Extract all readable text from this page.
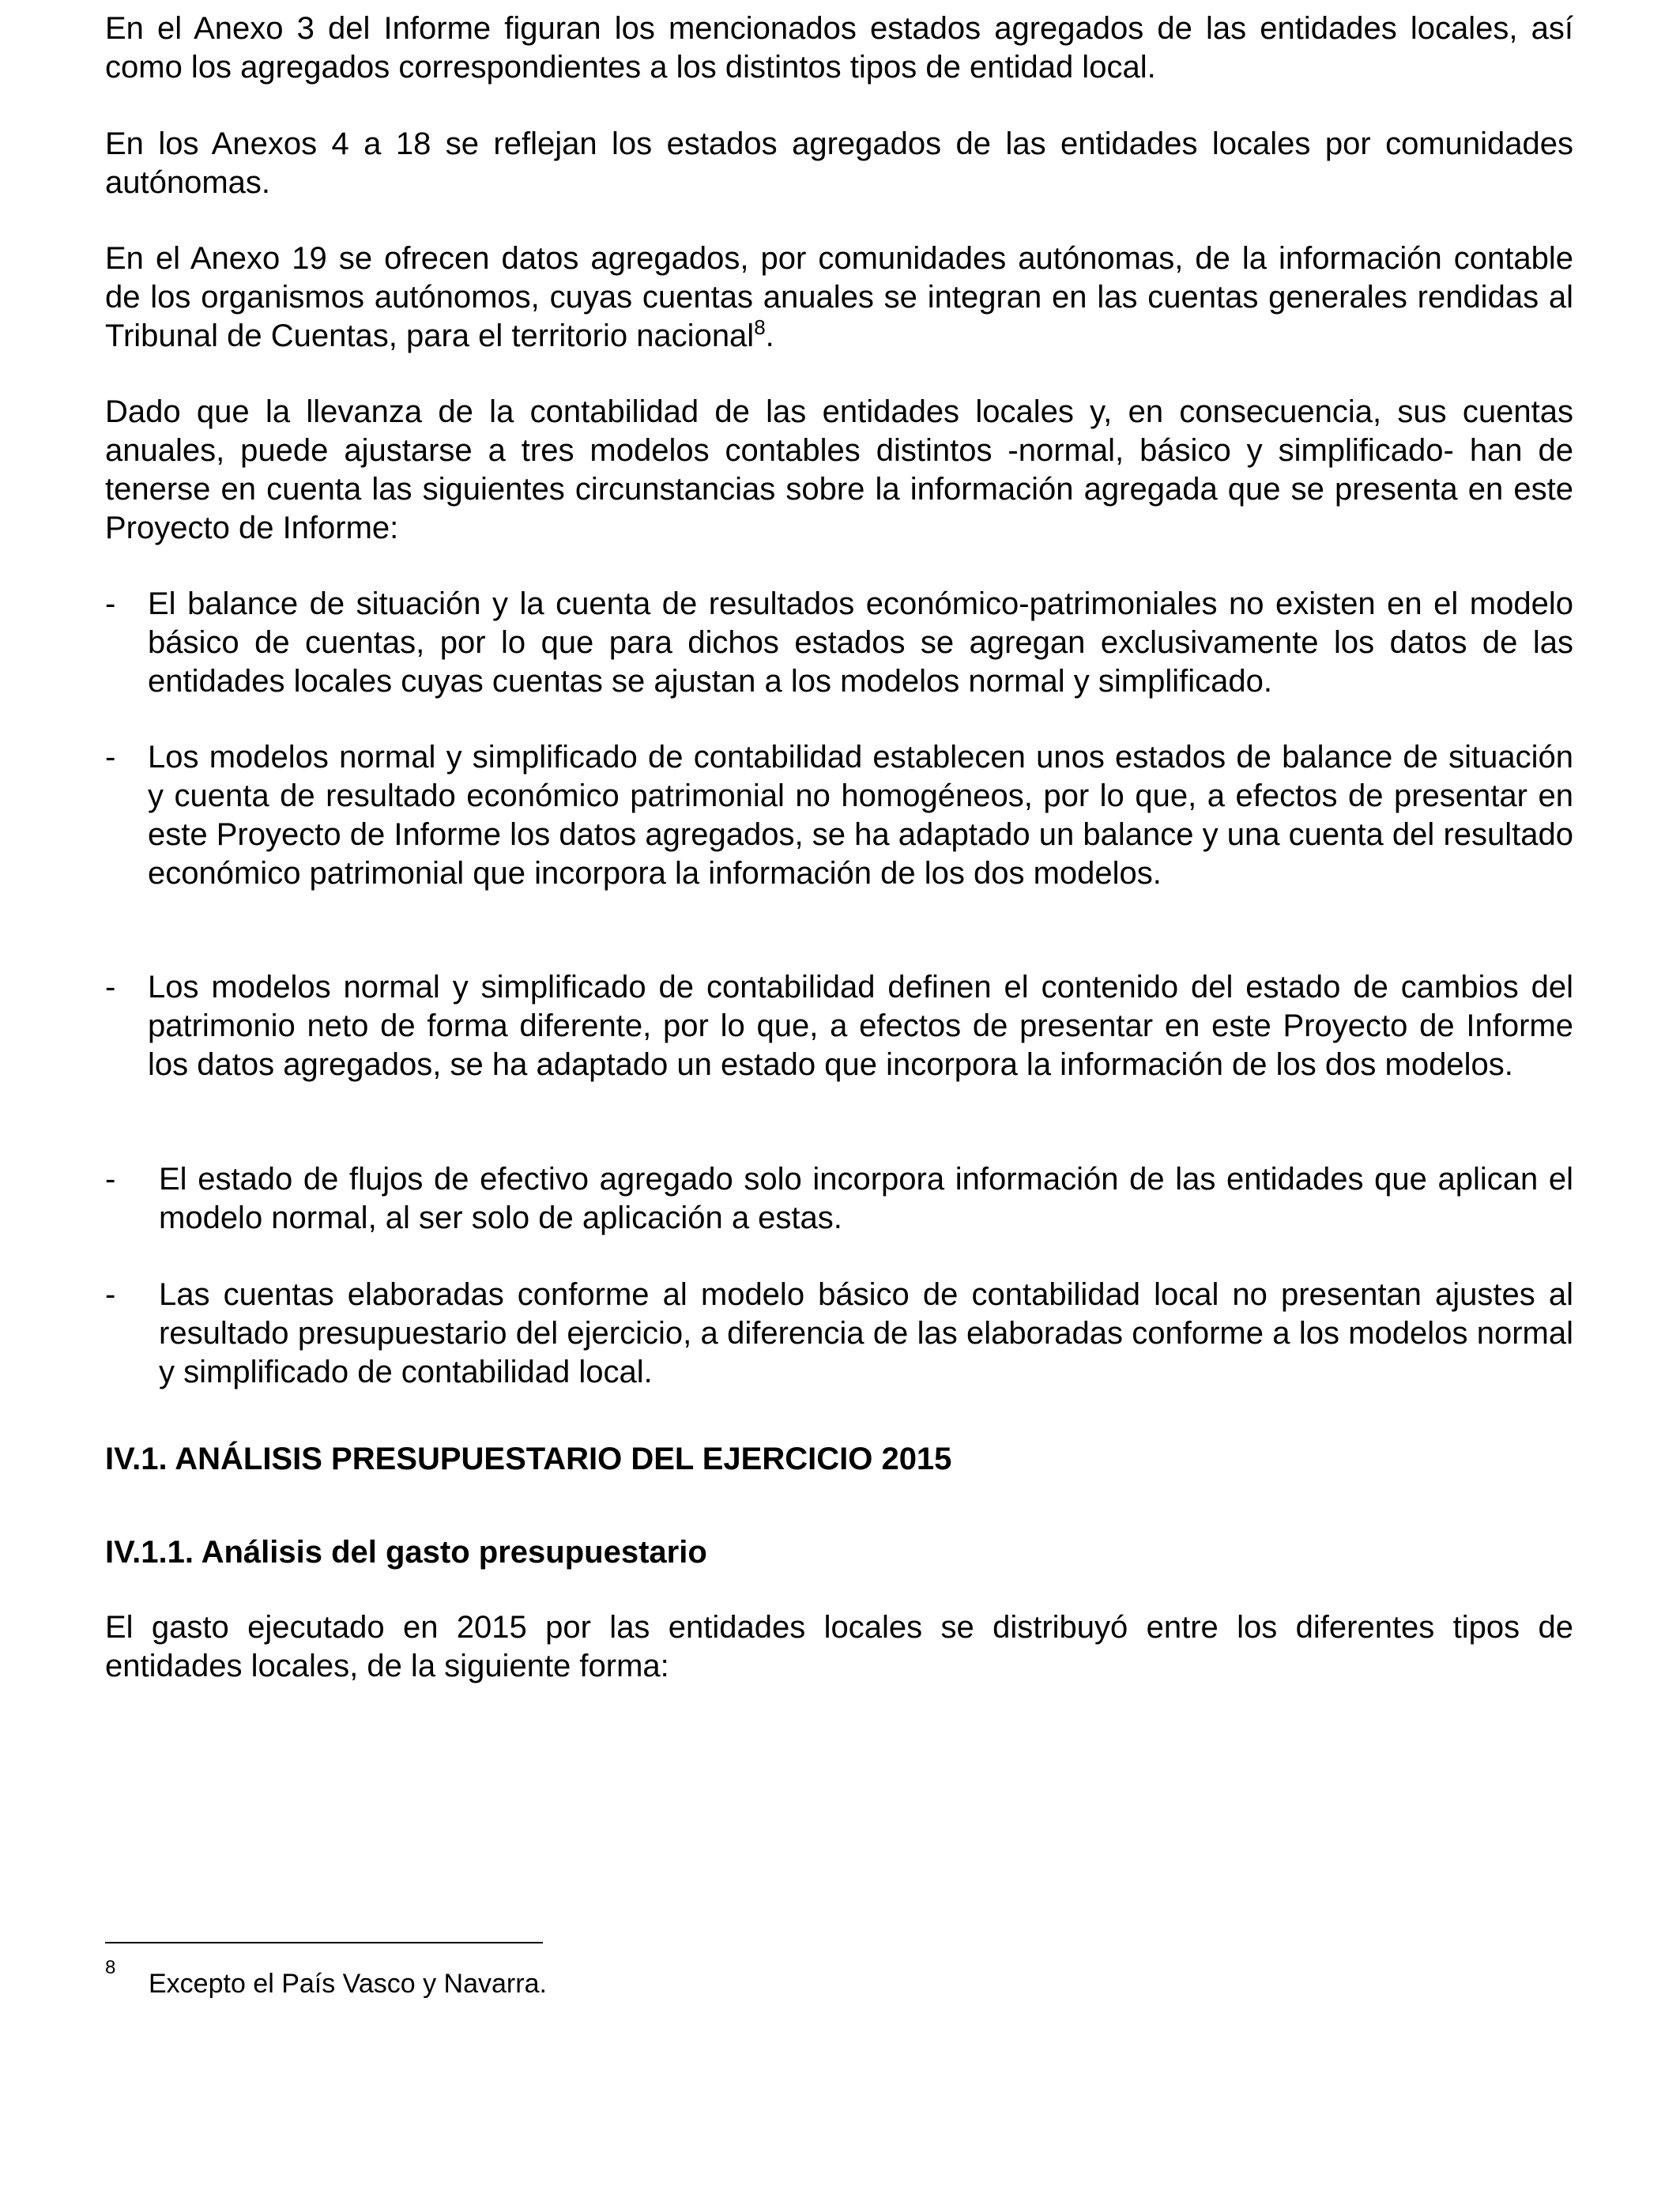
En el Anexo 3 del Informe figuran los mencionados estados agregados de las entidades locales, así como los agregados correspondientes a los distintos tipos de entidad local.

En los Anexos 4 a 18 se reflejan los estados agregados de las entidades locales por comunidades autónomas.

En el Anexo 19 se ofrecen datos agregados, por comunidades autónomas, de la información contable de los organismos autónomos, cuyas cuentas anuales se integran en las cuentas generales rendidas al Tribunal de Cuentas, para el territorio nacional$^8$.

Dado que la llevanza de la contabilidad de las entidades locales y, en consecuencia, sus cuentas anuales, puede ajustarse a tres modelos contables distintos -normal, básico y simplificado- han de tenerse en cuenta las siguientes circunstancias sobre la información agregada que se presenta en este Proyecto de Informe:

- El balance de situación y la cuenta de resultados económico-patrimoniales no existen en el modelo básico de cuentas, por lo que para dichos estados se agregan exclusivamente los datos de las entidades locales cuyas cuentas se ajustan a los modelos normal y simplificado.

- Los modelos normal y simplificado de contabilidad establecen unos estados de balance de situación y cuenta de resultado económico patrimonial no homogéneos, por lo que, a efectos de presentar en este Proyecto de Informe los datos agregados, se ha adaptado un balance y una cuenta del resultado económico patrimonial que incorpora la información de los dos modelos.

- Los modelos normal y simplificado de contabilidad definen el contenido del estado de cambios del patrimonio neto de forma diferente, por lo que, a efectos de presentar en este Proyecto de Informe los datos agregados, se ha adaptado un estado que incorpora la información de los dos modelos.

- El estado de flujos de efectivo agregado solo incorpora información de las entidades que aplican el modelo normal, al ser solo de aplicación a estas.

- Las cuentas elaboradas conforme al modelo básico de contabilidad local no presentan ajustes al resultado presupuestario del ejercicio, a diferencia de las elaboradas conforme a los modelos normal y simplificado de contabilidad local.

IV.1. ANÁLISIS PRESUPUESTARIO DEL EJERCICIO 2015
IV.1.1. Análisis del gasto presupuestario

El gasto ejecutado en 2015 por las entidades locales se distribuyó entre los diferentes tipos de entidades locales, de la siguiente forma:

8
Excepto el País Vasco y Navarra.
